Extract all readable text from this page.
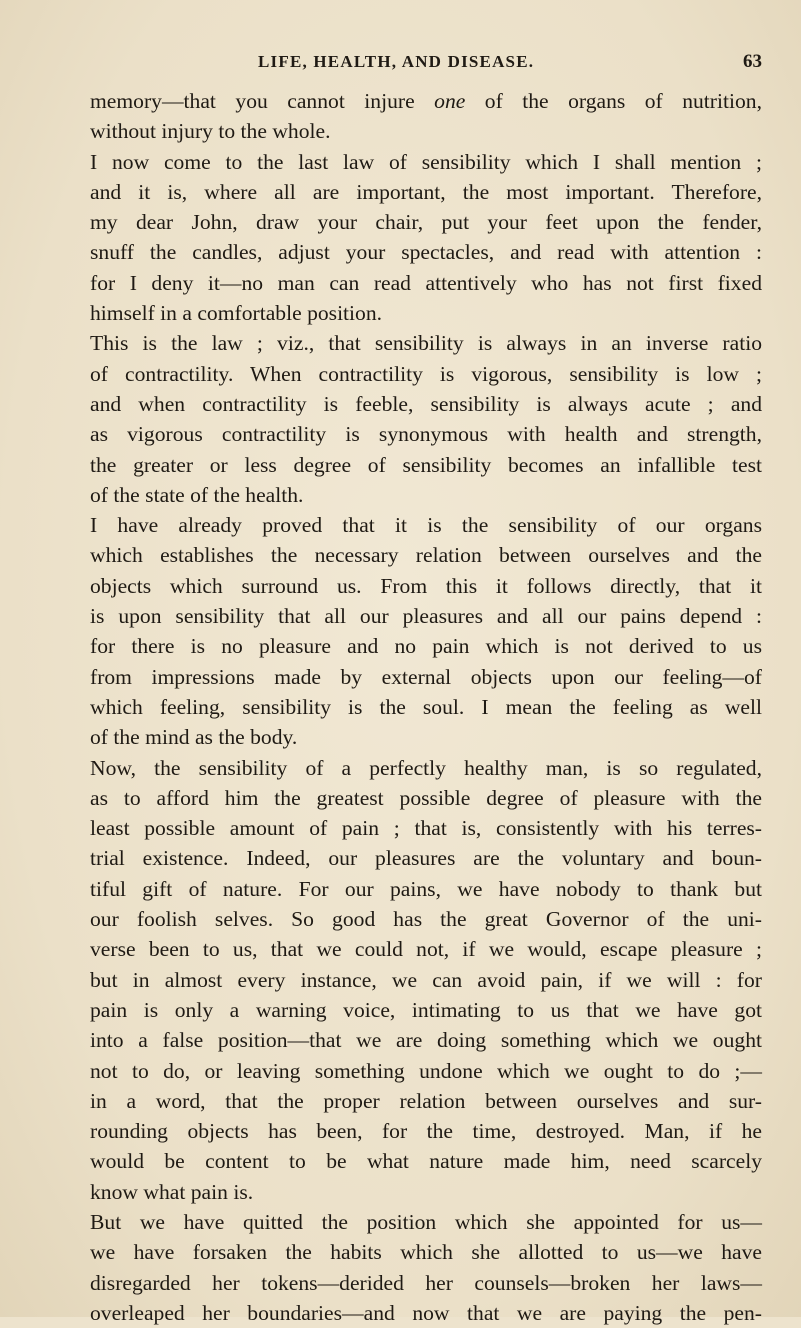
LIFE, HEALTH, AND DISEASE.	63
memory—that you cannot injure one of the organs of nutrition,
without injury to the whole.
I now come to the last law of sensibility which I shall mention ;
and it is, where all are important, the most important. Therefore,
my dear John, draw your chair, put your feet upon the fender,
snuff the candles, adjust your spectacles, and read with attention :
for I deny it—no man can read attentively who has not first fixed
himself in a comfortable position.
This is the law ; viz., that sensibility is always in an inverse ratio
of contractility. When contractility is vigorous, sensibility is low ;
and when contractility is feeble, sensibility is always acute ; and
as vigorous contractility is synonymous with health and strength,
the greater or less degree of sensibility becomes an infallible test
of the state of the health.
I have already proved that it is the sensibility of our organs
which establishes the necessary relation between ourselves and the
objects which surround us. From this it follows directly, that it
is upon sensibility that all our pleasures and all our pains depend :
for there is no pleasure and no pain which is not derived to us
from impressions made by external objects upon our feeling—of
which feeling, sensibility is the soul. I mean the feeling as well
of the mind as the body.
Now, the sensibility of a perfectly healthy man, is so regulated,
as to afford him the greatest possible degree of pleasure with the
least possible amount of pain ; that is, consistently with his terres-
trial existence. Indeed, our pleasures are the voluntary and boun-
tiful gift of nature. For our pains, we have nobody to thank but
our foolish selves. So good has the great Governor of the uni-
verse been to us, that we could not, if we would, escape pleasure ;
but in almost every instance, we can avoid pain, if we will : for
pain is only a warning voice, intimating to us that we have got
into a false position—that we are doing something which we ought
not to do, or leaving something undone which we ought to do ;—
in a word, that the proper relation between ourselves and sur-
rounding objects has been, for the time, destroyed. Man, if he
would be content to be what nature made him, need scarcely
know what pain is.
But we have quitted the position which she appointed for us—
we have forsaken the habits which she allotted to us—we have
disregarded her tokens—derided her counsels—broken her laws—
overleaped her boundaries—and now that we are paying the pen-
